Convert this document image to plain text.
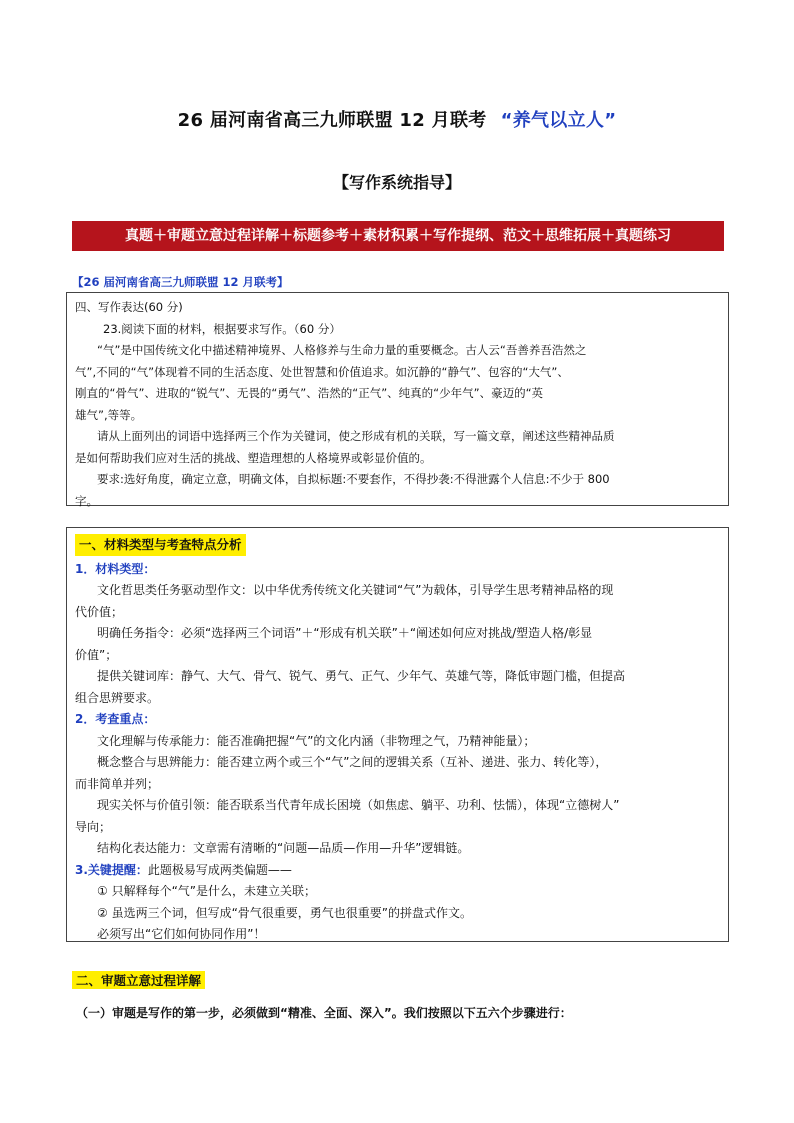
26 届河南省高三九师联盟 12 月联考 “养气以立人”
【写作系统指导】
真题＋审题立意过程详解＋标题参考＋素材积累＋写作提纲、范文＋思维拓展＋真题练习
【26 届河南省高三九师联盟 12 月联考】

四、写作表达(60 分)

23.阅读下面的材料，根据要求写作。（60 分）

“气”是中国传统文化中描述精神境界、人格修养与生命力量的重要概念。古人云“吾善养吾浩然之

气”,不同的“气”体现着不同的生活态度、处世智慧和价值追求。如沉静的“静气”、包容的“大气”、

刚直的“骨气”、进取的“锐气”、无畏的“勇气”、浩然的“正气”、纯真的“少年气”、豪迈的“英

雄气”,等等。

请从上面列出的词语中选择两三个作为关键词，使之形成有机的关联，写一篇文章，阐述这些精神品质

是如何帮助我们应对生活的挑战、塑造理想的人格境界或彰显价值的。

要求:选好角度，确定立意，明确文体，自拟标题:不要套作，不得抄袭:不得泄露个人信息:不少于 800

字。

一、材料类型与考查特点分析

1．材料类型：

文化哲思类任务驱动型作文：以中华优秀传统文化关键词“气”为载体，引导学生思考精神品格的现

代价值；

明确任务指令：必须“选择两三个词语”＋“形成有机关联”＋“阐述如何应对挑战/塑造人格/彰显

价值”；

提供关键词库：静气、大气、骨气、锐气、勇气、正气、少年气、英雄气等，降低审题门槛，但提高

组合思辨要求。

2．考查重点：

文化理解与传承能力：能否准确把握“气”的文化内涵（非物理之气，乃精神能量）；

概念整合与思辨能力：能否建立两个或三个“气”之间的逻辑关系（互补、递进、张力、转化等），

而非简单并列；

现实关怀与价值引领：能否联系当代青年成长困境（如焦虑、躺平、功利、怯懦），体现“立德树人”

导向；

结构化表达能力：文章需有清晰的“问题—品质—作用—升华”逻辑链。

3.关键提醒：此题极易写成两类偏题——

① 只解释每个“气”是什么，未建立关联；

② 虽选两三个词，但写成“骨气很重要，勇气也很重要”的拼盘式作文。

必须写出“它们如何协同作用”！

二、审题立意过程详解
（一）审题是写作的第一步，必须做到“精准、全面、深入”。我们按照以下五六个步骤进行：
